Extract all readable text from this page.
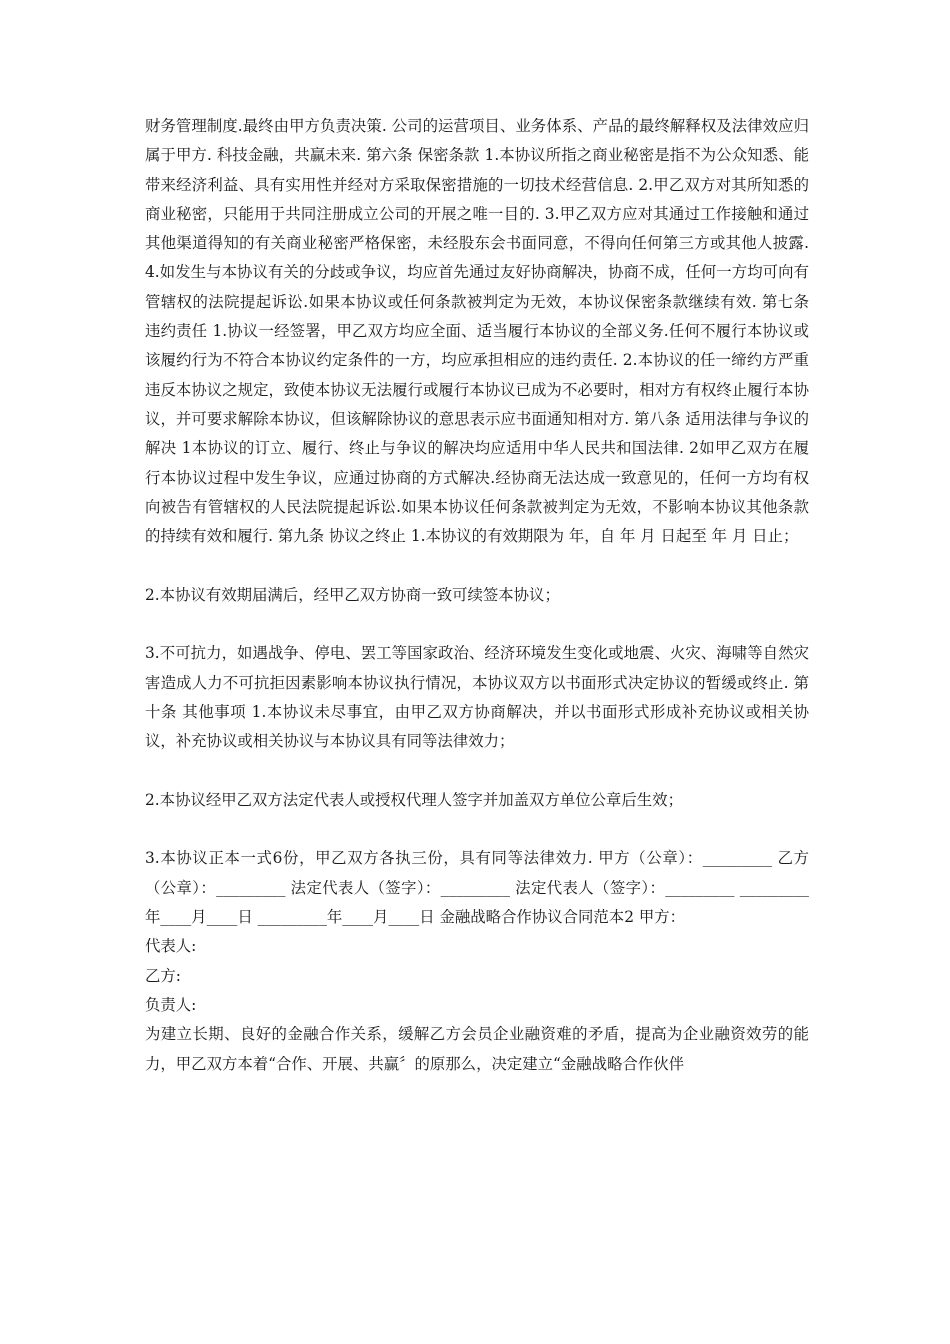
财务管理制度.最终由甲方负责决策. 公司的运营项目、业务体系、产品的最终解释权及法律效应归属于甲方. 科技金融，共赢未来. 第六条 保密条款 1.本协议所指之商业秘密是指不为公众知悉、能带来经济利益、具有实用性并经对方采取保密措施的一切技术经营信息. 2.甲乙双方对其所知悉的商业秘密，只能用于共同注册成立公司的开展之唯一目的. 3.甲乙双方应对其通过工作接触和通过其他渠道得知的有关商业秘密严格保密，未经股东会书面同意，不得向任何第三方或其他人披露. 4.如发生与本协议有关的分歧或争议，均应首先通过友好协商解决，协商不成，任何一方均可向有管辖权的法院提起诉讼.如果本协议或任何条款被判定为无效，本协议保密条款继续有效. 第七条 违约责任 1.协议一经签署，甲乙双方均应全面、适当履行本协议的全部义务.任何不履行本协议或该履约行为不符合本协议约定条件的一方，均应承担相应的违约责任. 2.本协议的任一缔约方严重违反本协议之规定，致使本协议无法履行或履行本协议已成为不必要时，相对方有权终止履行本协议，并可要求解除本协议，但该解除协议的意思表示应书面通知相对方. 第八条 适用法律与争议的解决 1本协议的订立、履行、终止与争议的解决均应适用中华人民共和国法律. 2如甲乙双方在履行本协议过程中发生争议，应通过协商的方式解决.经协商无法达成一致意见的，任何一方均有权向被告有管辖权的人民法院提起诉讼.如果本协议任何条款被判定为无效，不影响本协议其他条款的持续有效和履行. 第九条 协议之终止 1.本协议的有效期限为 年，自 年 月 日起至 年 月 日止；

2.本协议有效期届满后，经甲乙双方协商一致可续签本协议；

3.不可抗力，如遇战争、停电、罢工等国家政治、经济环境发生变化或地震、火灾、海啸等自然灾害造成人力不可抗拒因素影响本协议执行情况，本协议双方以书面形式决定协议的暂缓或终止. 第十条 其他事项 1.本协议未尽事宜，由甲乙双方协商解决，并以书面形式形成补充协议或相关协议，补充协议或相关协议与本协议具有同等法律效力；

2.本协议经甲乙双方法定代表人或授权代理人签字并加盖双方单位公章后生效；

3.本协议正本一式6份，甲乙双方各执三份，具有同等法律效力. 甲方（公章）：_________ 乙方（公章）：_________ 法定代表人（签字）：_________ 法定代表人（签字）：_________ _________年____月____日 _________年____月____日 金融战略合作协议合同范本2 甲方：

代表人:

乙方:

负责人:

为建立长期、良好的金融合作关系，缓解乙方会员企业融资难的矛盾，提高为企业融资效劳的能力，甲乙双方本着“合作、开展、共赢〞的原那么，决定建立“金融战略合作伙伴
